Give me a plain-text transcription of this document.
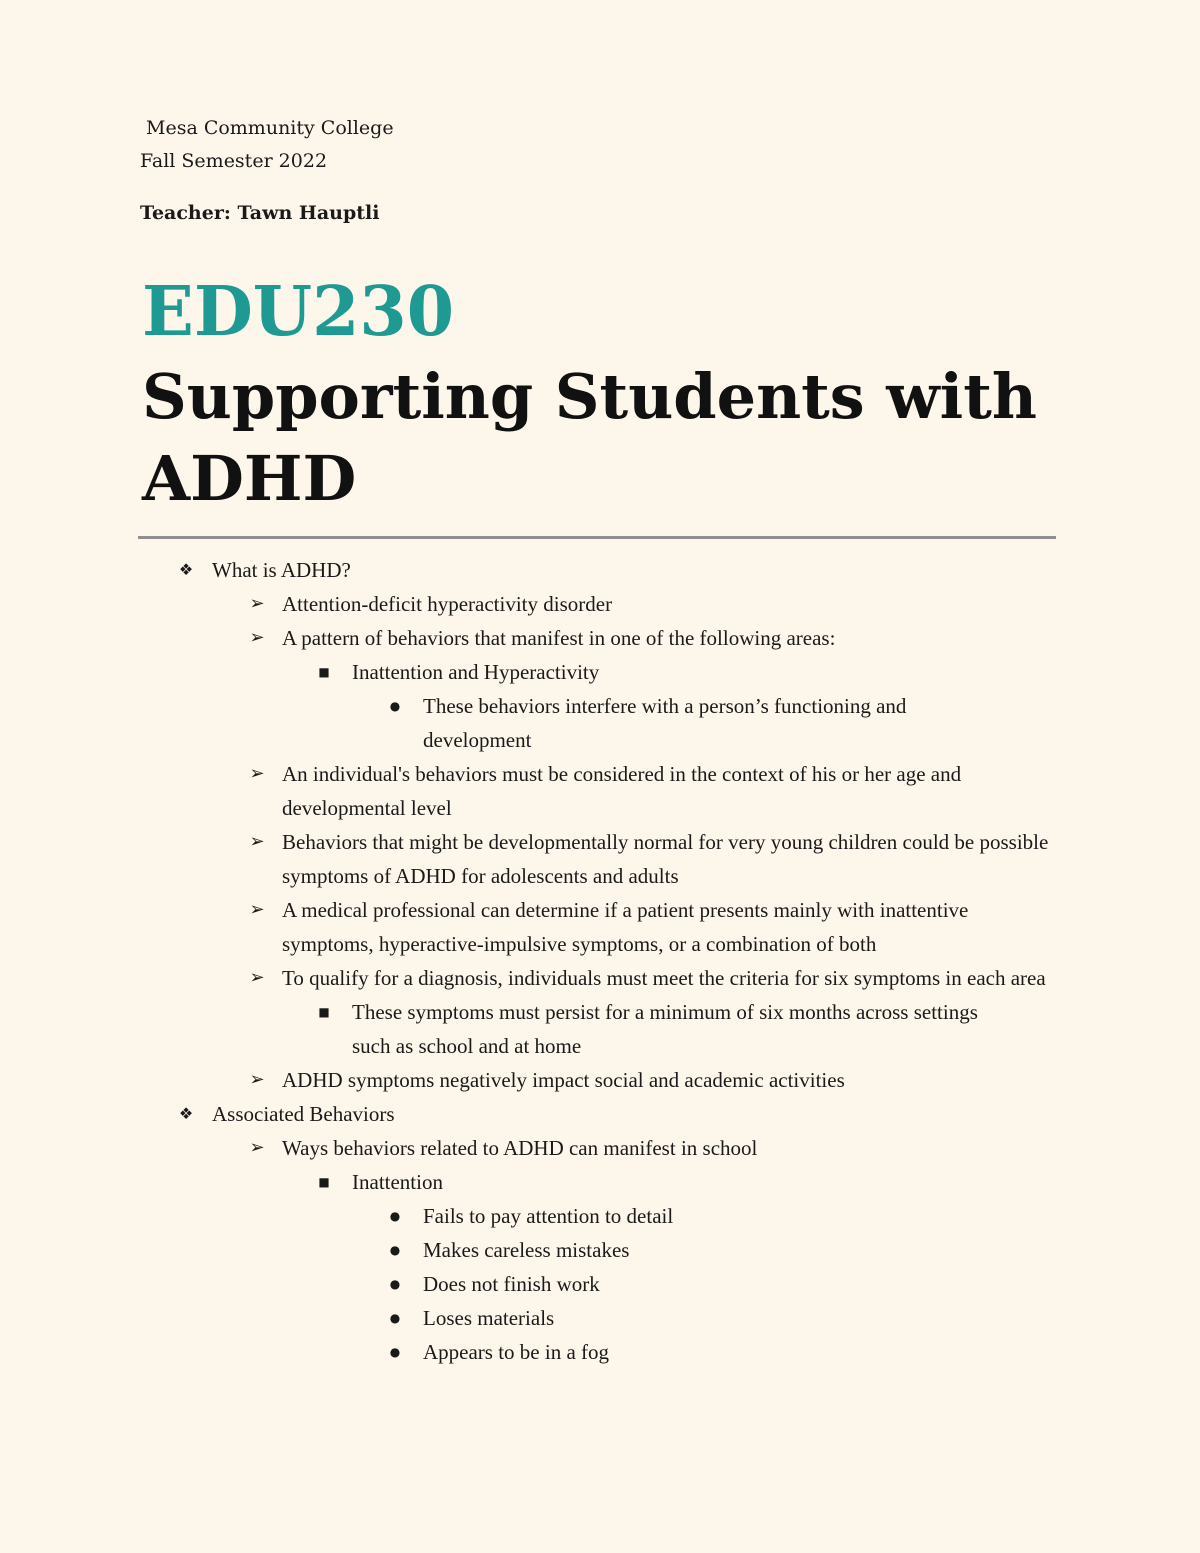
Mesa Community College
Fall Semester 2022
Teacher: Tawn Hauptli
EDU230
Supporting Students with ADHD
❖ What is ADHD?
➢ Attention-deficit hyperactivity disorder
➢ A pattern of behaviors that manifest in one of the following areas:
■ Inattention and Hyperactivity
● These behaviors interfere with a person’s functioning and development
➢ An individual's behaviors must be considered in the context of his or her age and developmental level
➢ Behaviors that might be developmentally normal for very young children could be possible symptoms of ADHD for adolescents and adults
➢ A medical professional can determine if a patient presents mainly with inattentive symptoms, hyperactive-impulsive symptoms, or a combination of both
➢ To qualify for a diagnosis, individuals must meet the criteria for six symptoms in each area
■ These symptoms must persist for a minimum of six months across settings such as school and at home
➢ ADHD symptoms negatively impact social and academic activities
❖ Associated Behaviors
➢ Ways behaviors related to ADHD can manifest in school
■ Inattention
● Fails to pay attention to detail
● Makes careless mistakes
● Does not finish work
● Loses materials
● Appears to be in a fog
